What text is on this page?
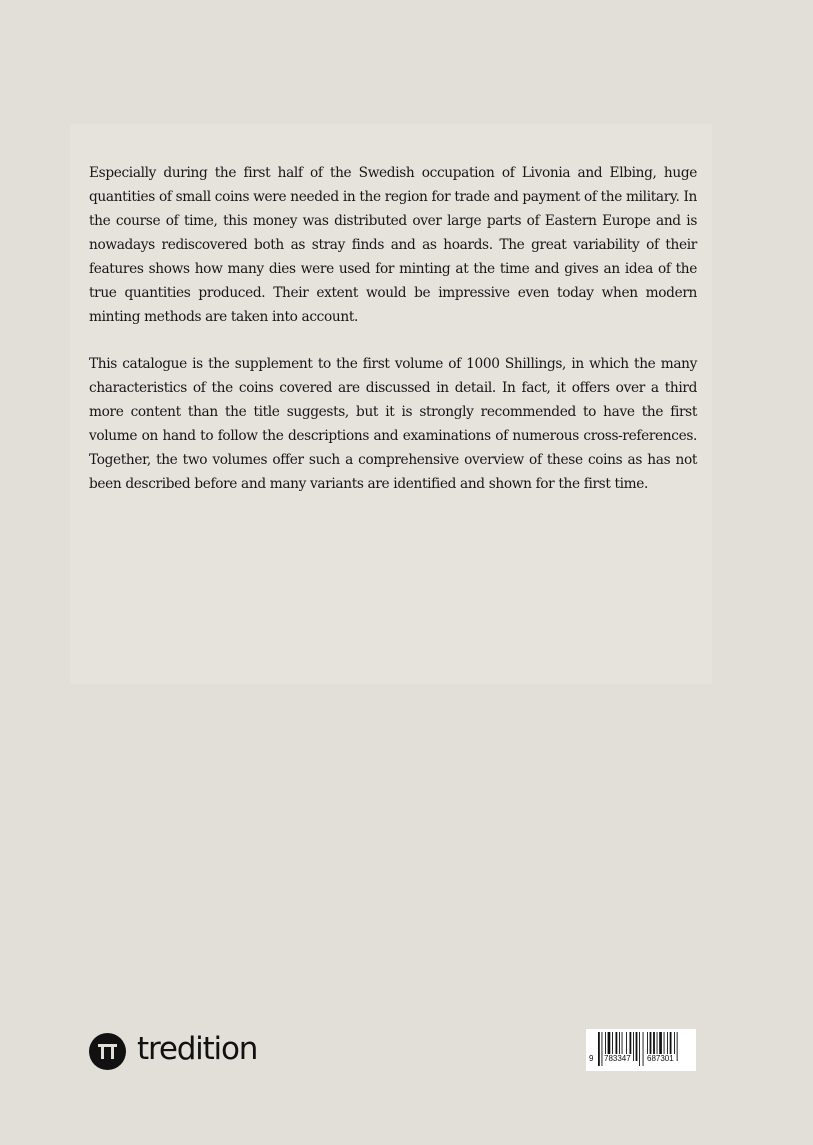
Especially during the first half of the Swedish occupation of Livonia and Elbing, huge quantities of small coins were needed in the region for trade and payment of the military. In the course of time, this money was distributed over large parts of Eastern Europe and is nowadays rediscovered both as stray finds and as hoards. The great variability of their features shows how many dies were used for minting at the time and gives an idea of the true quantities produced. Their extent would be impressive even today when modern minting methods are taken into account.

This catalogue is the supplement to the first volume of 1000 Shillings, in which the many characteristics of the coins covered are discussed in detail. In fact, it offers over a third more content than the title suggests, but it is strongly recommended to have the first volume on hand to follow the descriptions and examinations of numerous cross-references. Together, the two volumes offer such a comprehensive overview of these coins as has not been described before and many variants are identified and shown for the first time.

tredition	9 783347 687301
